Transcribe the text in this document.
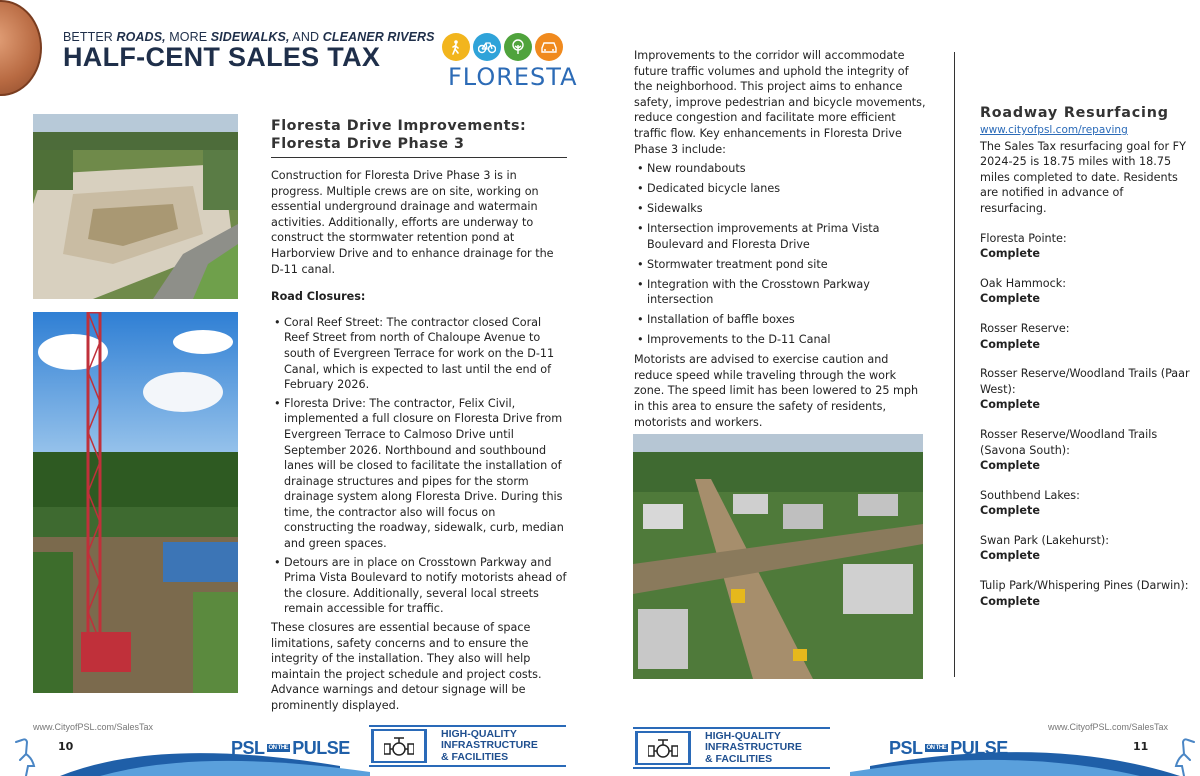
BETTER ROADS, MORE SIDEWALKS, AND CLEANER RIVERS
HALF-CENT SALES TAX
FLORESTA
Floresta Drive Improvements: Floresta Drive Phase 3

Construction for Floresta Drive Phase 3 is in progress. Multiple crews are on site, working on essential underground drainage and watermain activities. Additionally, efforts are underway to construct the stormwater retention pond at Harborview Drive and to enhance drainage for the D-11 canal.

Road Closures:

• Coral Reef Street: The contractor closed Coral Reef Street from north of Chaloupe Avenue to south of Evergreen Terrace for work on the D-11 Canal, which is expected to last until the end of February 2026.
• Floresta Drive: The contractor, Felix Civil, implemented a full closure on Floresta Drive from Evergreen Terrace to Calmoso Drive until September 2026. Northbound and southbound lanes will be closed to facilitate the installation of drainage structures and pipes for the storm drainage system along Floresta Drive. During this time, the contractor also will focus on constructing the roadway, sidewalk, curb, median and green spaces.
• Detours are in place on Crosstown Parkway and Prima Vista Boulevard to notify motorists ahead of the closure. Additionally, several local streets remain accessible for traffic.

These closures are essential because of space limitations, safety concerns and to ensure the integrity of the installation. They also will help maintain the project schedule and project costs. Advance warnings and detour signage will be prominently displayed.

Improvements to the corridor will accommodate future traffic volumes and uphold the integrity of the neighborhood. This project aims to enhance safety, improve pedestrian and bicycle movements, reduce congestion and facilitate more efficient traffic flow. Key enhancements in Floresta Drive Phase 3 include:

• New roundabouts
• Dedicated bicycle lanes
• Sidewalks
• Intersection improvements at Prima Vista Boulevard and Floresta Drive
• Stormwater treatment pond site
• Integration with the Crosstown Parkway intersection
• Installation of baffle boxes
• Improvements to the D-11 Canal

Motorists are advised to exercise caution and reduce speed while traveling through the work zone. The speed limit has been lowered to 25 mph in this area to ensure the safety of residents, motorists and workers.

Roadway Resurfacing
www.cityofpsl.com/repaving

The Sales Tax resurfacing goal for FY 2024-25 is 18.75 miles with 18.75 miles completed to date. Residents are notified in advance of resurfacing.

Floresta Pointe:
Complete
Oak Hammock:
Complete
Rosser Reserve:
Complete
Rosser Reserve/Woodland Trails (Paar West):
Complete
Rosser Reserve/Woodland Trails (Savona South):
Complete
Southbend Lakes:
Complete
Swan Park (Lakehurst):
Complete
Tulip Park/Whispering Pines (Darwin):
Complete
www.CityofPSL.com/SalesTax	www.CityofPSL.com/SalesTax
10	11
PSL ON THE PULSE	PSL ON THE PULSE
HIGH-QUALITY
INFRASTRUCTURE
& FACILITIES
HIGH-QUALITY
INFRASTRUCTURE
& FACILITIES
